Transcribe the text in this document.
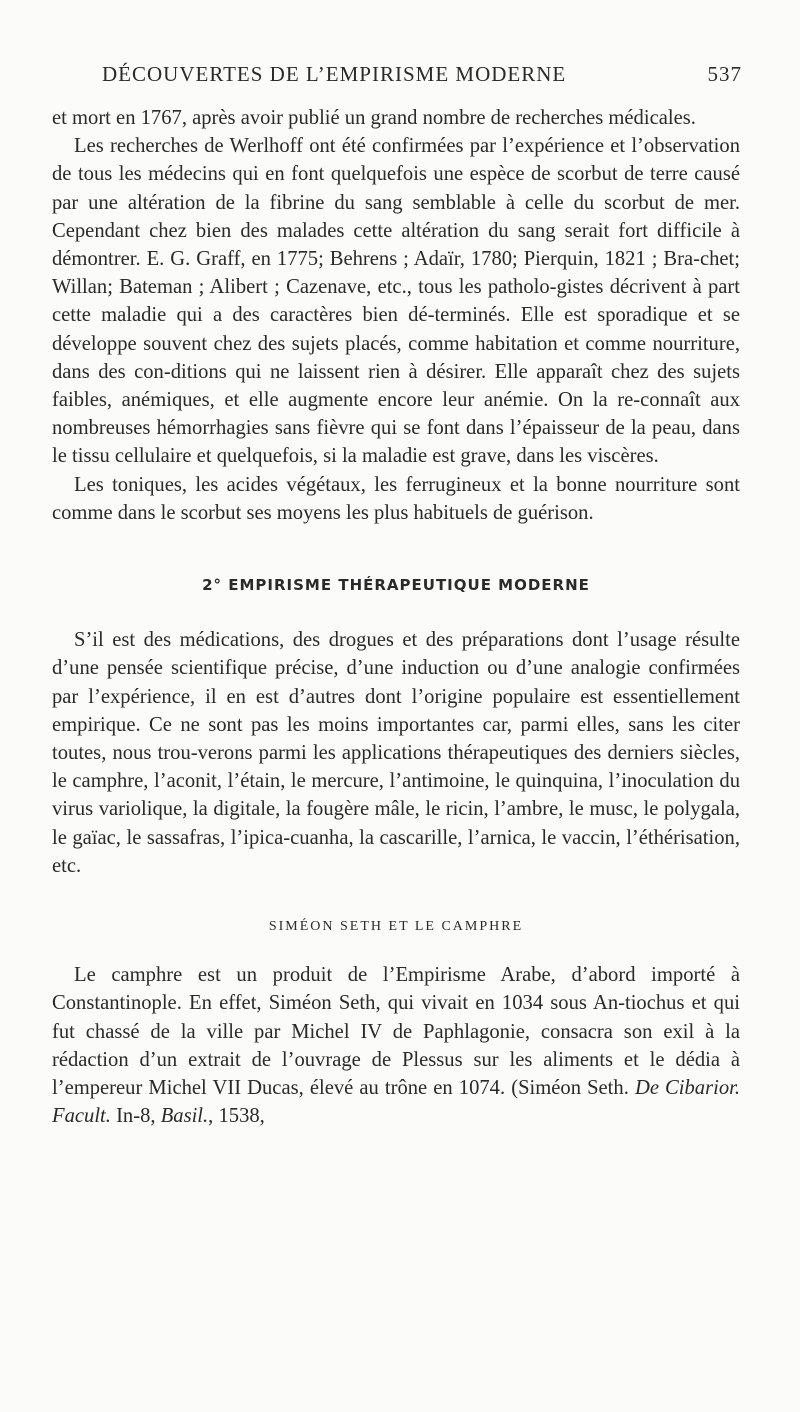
DÉCOUVERTES DE L’EMPIRISME MODERNE	537

et mort en 1767, après avoir publié un grand nombre de recherches médicales.

Les recherches de Werlhoff ont été confirmées par l’expérience et l’observation de tous les médecins qui en font quelquefois une espèce de scorbut de terre causé par une altération de la fibrine du sang semblable à celle du scorbut de mer. Cependant chez bien des malades cette altération du sang serait fort difficile à démontrer. E. G. Graff, en 1775; Behrens ; Adaïr, 1780; Pierquin, 1821 ; Bra-chet; Willan; Bateman ; Alibert ; Cazenave, etc., tous les patholo-gistes décrivent à part cette maladie qui a des caractères bien dé-terminés. Elle est sporadique et se développe souvent chez des sujets placés, comme habitation et comme nourriture, dans des con-ditions qui ne laissent rien à désirer. Elle apparaît chez des sujets faibles, anémiques, et elle augmente encore leur anémie. On la re-connaît aux nombreuses hémorrhagies sans fièvre qui se font dans l’épaisseur de la peau, dans le tissu cellulaire et quelquefois, si la maladie est grave, dans les viscères.

Les toniques, les acides végétaux, les ferrugineux et la bonne nourriture sont comme dans le scorbut ses moyens les plus habituels de guérison.

2° EMPIRISME THÉRAPEUTIQUE MODERNE

S’il est des médications, des drogues et des préparations dont l’usage résulte d’une pensée scientifique précise, d’une induction ou d’une analogie confirmées par l’expérience, il en est d’autres dont l’origine populaire est essentiellement empirique. Ce ne sont pas les moins importantes car, parmi elles, sans les citer toutes, nous trou-verons parmi les applications thérapeutiques des derniers siècles, le camphre, l’aconit, l’étain, le mercure, l’antimoine, le quinquina, l’inoculation du virus variolique, la digitale, la fougère mâle, le ricin, l’ambre, le musc, le polygala, le gaïac, le sassafras, l’ipica-cuanha, la cascarille, l’arnica, le vaccin, l’éthérisation, etc.

SIMÉON SETH ET LE CAMPHRE

Le camphre est un produit de l’Empirisme Arabe, d’abord importé à Constantinople. En effet, Siméon Seth, qui vivait en 1034 sous An-tiochus et qui fut chassé de la ville par Michel IV de Paphlagonie, consacra son exil à la rédaction d’un extrait de l’ouvrage de Plessus sur les aliments et le dédia à l’empereur Michel VII Ducas, élevé au trône en 1074. (Siméon Seth. De Cibarior. Facult. In-8, Basil., 1538,
